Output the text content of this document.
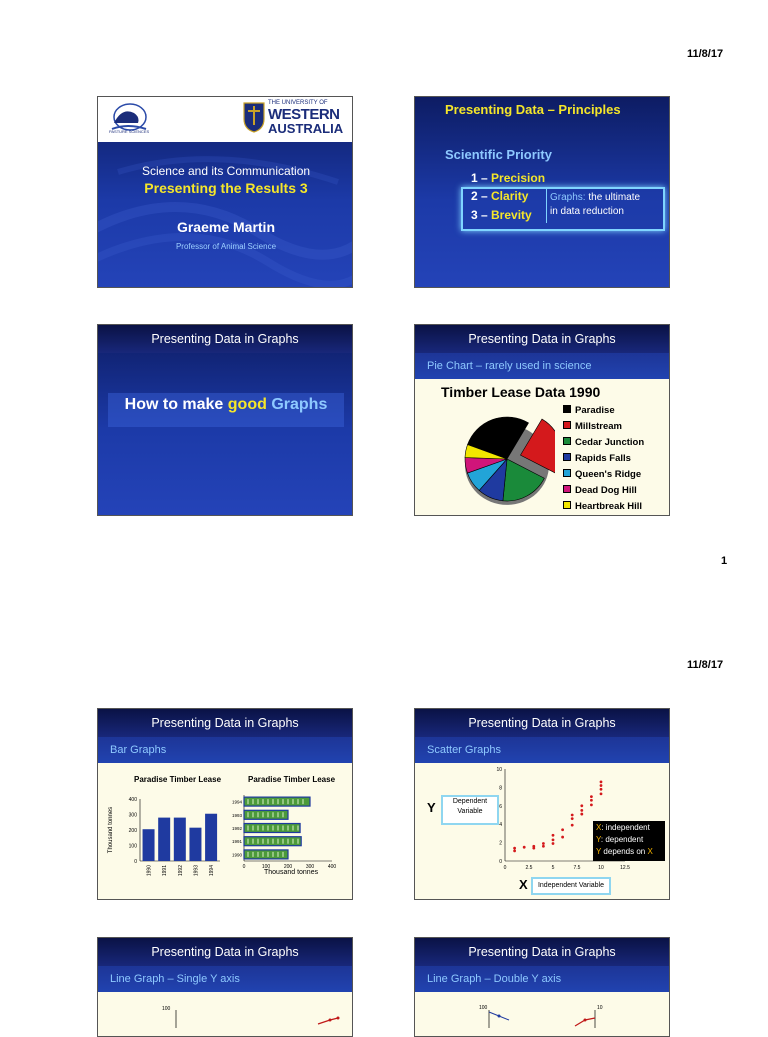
11/8/17
PASTURE SCIENCES
THE UNIVERSITY OF
WESTERN
AUSTRALIA
Science and its Communication
Presenting the Results 3
Graeme Martin
Professor of Animal Science
Presenting Data – Principles
Scientific Priority
1 – Precision
2 – Clarity
3 – Brevity
Graphs: the ultimate
in data reduction
Presenting Data in Graphs
How to make good Graphs
Presenting Data in Graphs
Pie Chart – rarely used in science
Timber Lease Data 1990
Paradise
Millstream
Cedar Junction
Rapids Falls
Queen's Ridge
Dead Dog Hill
Heartbreak Hill
1
11/8/17
Presenting Data in Graphs
Bar Graphs
Paradise Timber Lease	Paradise Timber Lease
Thousand tonnes
0
100
200
300
400
1990 1991 1992 1993 1994	0	100	200	300	400
1990
1991
1992
1993
1994
Thousand tonnes
Presenting Data in Graphs
Scatter Graphs
0
2
4
6
8
10
0	2.5	5	7.5	10	12.5
Y	Dependent
Variable
X	Independent Variable
X: independent
Y: dependent
Y depends on X
Presenting Data in Graphs
Line Graph – Single Y axis
100
Presenting Data in Graphs
Line Graph – Double Y axis
100	10
